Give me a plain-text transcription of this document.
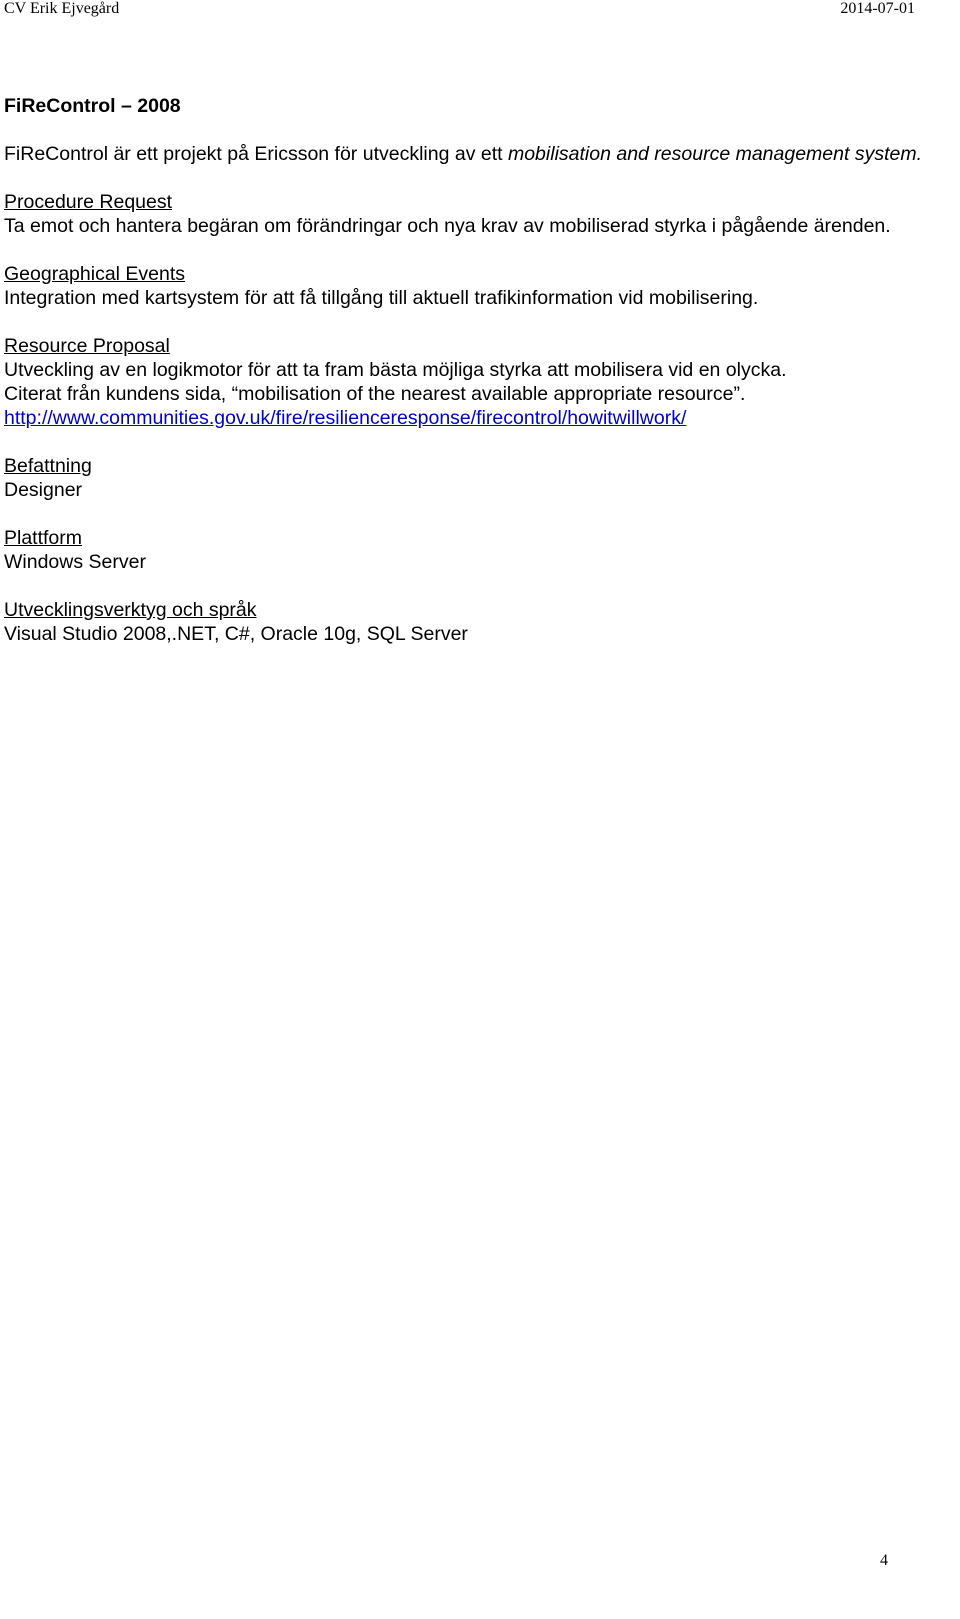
CV Erik Ejvegård	2014-07-01
FiReControl – 2008
FiReControl är ett projekt på Ericsson för utveckling av ett mobilisation and resource management system.
Procedure Request
Ta emot och hantera begäran om förändringar och nya krav av mobiliserad styrka i pågående ärenden.
Geographical Events
Integration med kartsystem för att få tillgång till aktuell trafikinformation vid mobilisering.
Resource Proposal
Utveckling av en logikmotor för att ta fram bästa möjliga styrka att mobilisera vid en olycka.
Citerat från kundens sida, “mobilisation of the nearest available appropriate resource”.
http://www.communities.gov.uk/fire/resilienceresponse/firecontrol/howitwillwork/
Befattning
Designer
Plattform
Windows Server
Utvecklingsverktyg och språk
Visual Studio 2008,.NET, C#, Oracle 10g, SQL Server
4
